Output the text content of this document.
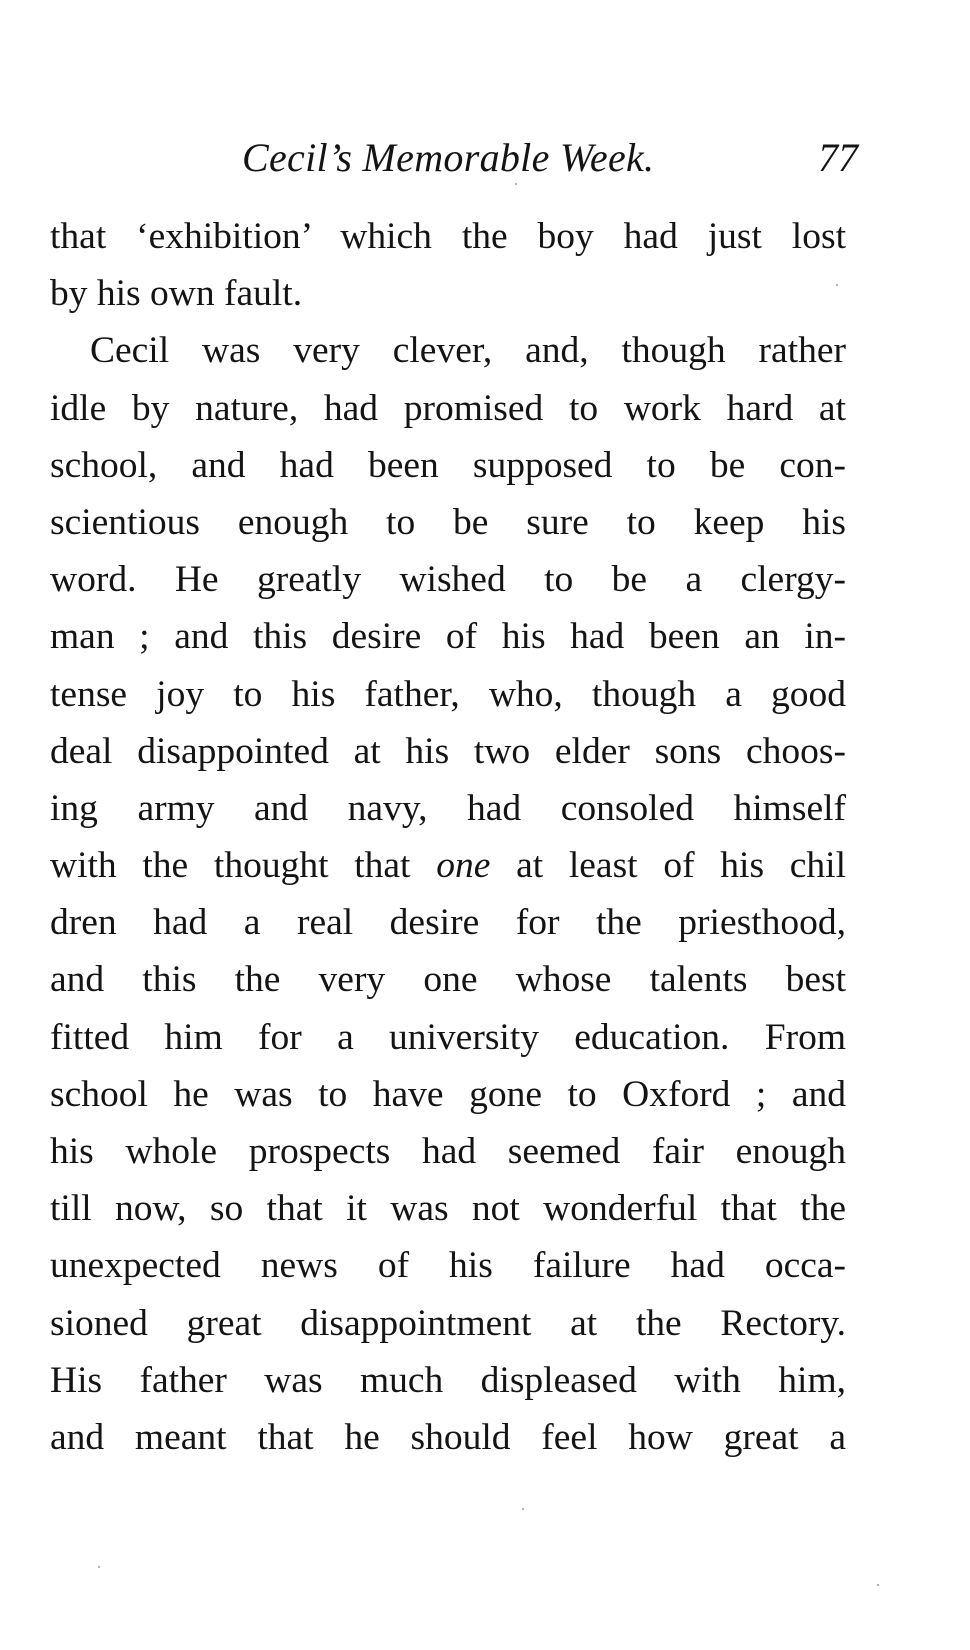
Cecil’s Memorable Week.	77
that ‘exhibition’ which the boy had just lost
by his own fault.
Cecil was very clever, and, though rather
idle by nature, had promised to work hard at
school, and had been supposed to be con-
scientious enough to be sure to keep his
word. He greatly wished to be a clergy-
man ; and this desire of his had been an in-
tense joy to his father, who, though a good
deal disappointed at his two elder sons choos-
ing army and navy, had consoled himself
with the thought that one at least of his chil
dren had a real desire for the priesthood,
and this the very one whose talents best
fitted him for a university education. From
school he was to have gone to Oxford ; and
his whole prospects had seemed fair enough
till now, so that it was not wonderful that the
unexpected news of his failure had occa-
sioned great disappointment at the Rectory.
His father was much displeased with him,
and meant that he should feel how great a
